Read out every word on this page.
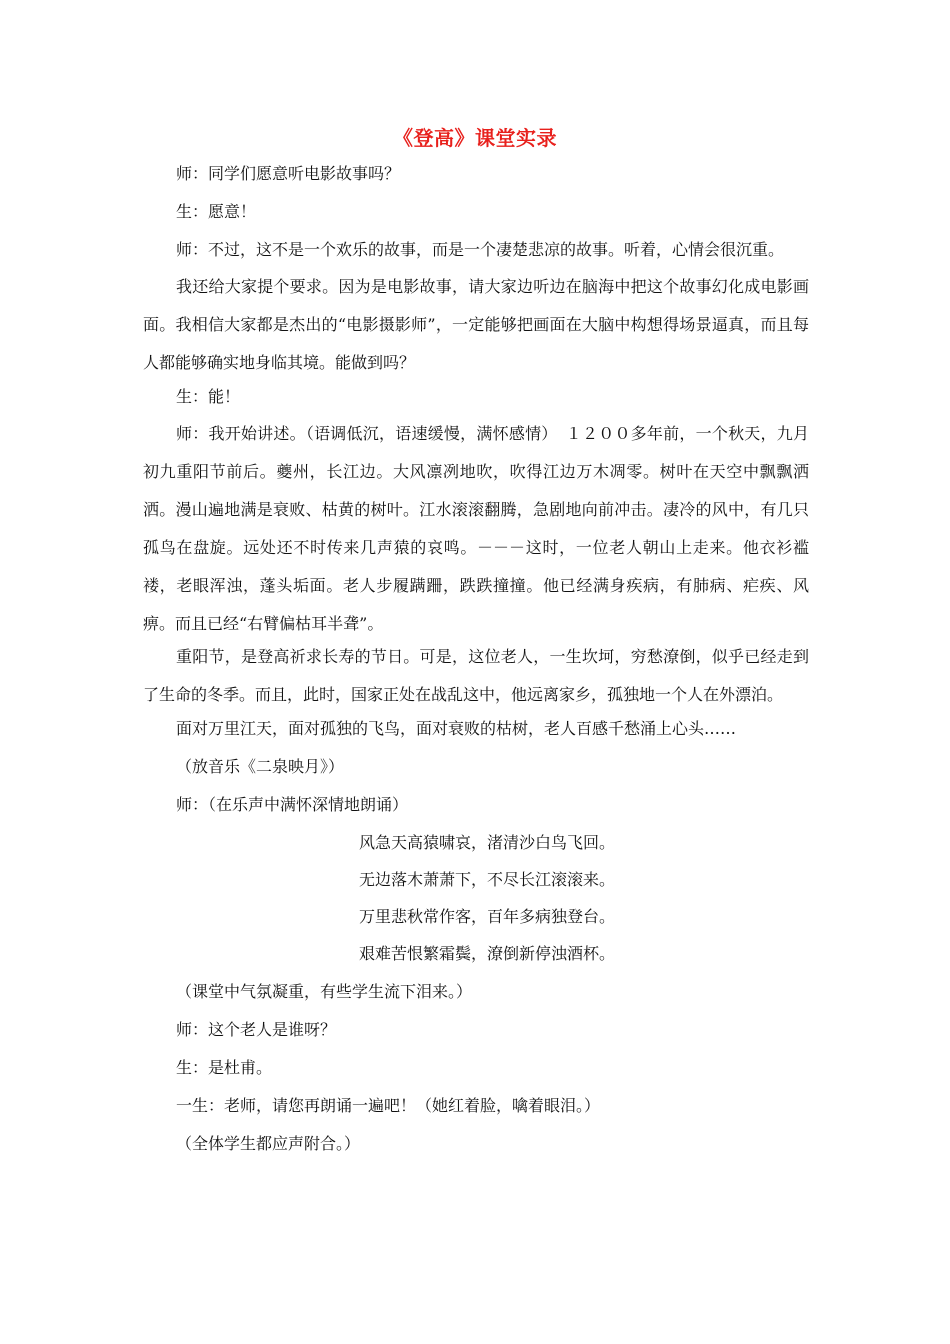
《登高》课堂实录

师：同学们愿意听电影故事吗？

生：愿意！

师：不过，这不是一个欢乐的故事，而是一个凄楚悲凉的故事。听着，心情会很沉重。

我还给大家提个要求。因为是电影故事，请大家边听边在脑海中把这个故事幻化成电影画面。我相信大家都是杰出的“电影摄影师”，一定能够把画面在大脑中构想得场景逼真，而且每人都能够确实地身临其境。能做到吗？

生：能！

师：我开始讲述。（语调低沉，语速缓慢，满怀感情）　１２００多年前，一个秋天，九月初九重阳节前后。夔州，长江边。大风凛冽地吹，吹得江边万木凋零。树叶在天空中飘飘洒洒。漫山遍地满是衰败、枯黄的树叶。江水滚滚翻腾，急剧地向前冲击。凄冷的风中，有几只孤鸟在盘旋。远处还不时传来几声猿的哀鸣。－－－这时，一位老人朝山上走来。他衣衫褴褛，老眼浑浊，蓬头垢面。老人步履蹒跚，跌跌撞撞。他已经满身疾病，有肺病、疟疾、风痹。而且已经“右臂偏枯耳半聋”。

重阳节，是登高祈求长寿的节日。可是，这位老人，一生坎坷，穷愁潦倒，似乎已经走到了生命的冬季。而且，此时，国家正处在战乱这中，他远离家乡，孤独地一个人在外漂泊。

面对万里江天，面对孤独的飞鸟，面对衰败的枯树，老人百感千愁涌上心头……

（放音乐《二泉映月》）

师：（在乐声中满怀深情地朗诵）

风急天高猿啸哀，渚清沙白鸟飞回。
无边落木萧萧下，不尽长江滚滚来。
万里悲秋常作客，百年多病独登台。
艰难苦恨繁霜鬓，潦倒新停浊酒杯。

（课堂中气氛凝重，有些学生流下泪来。）

师：这个老人是谁呀？

生：是杜甫。

一生：老师，请您再朗诵一遍吧！（她红着脸，噙着眼泪。）

（全体学生都应声附合。）
